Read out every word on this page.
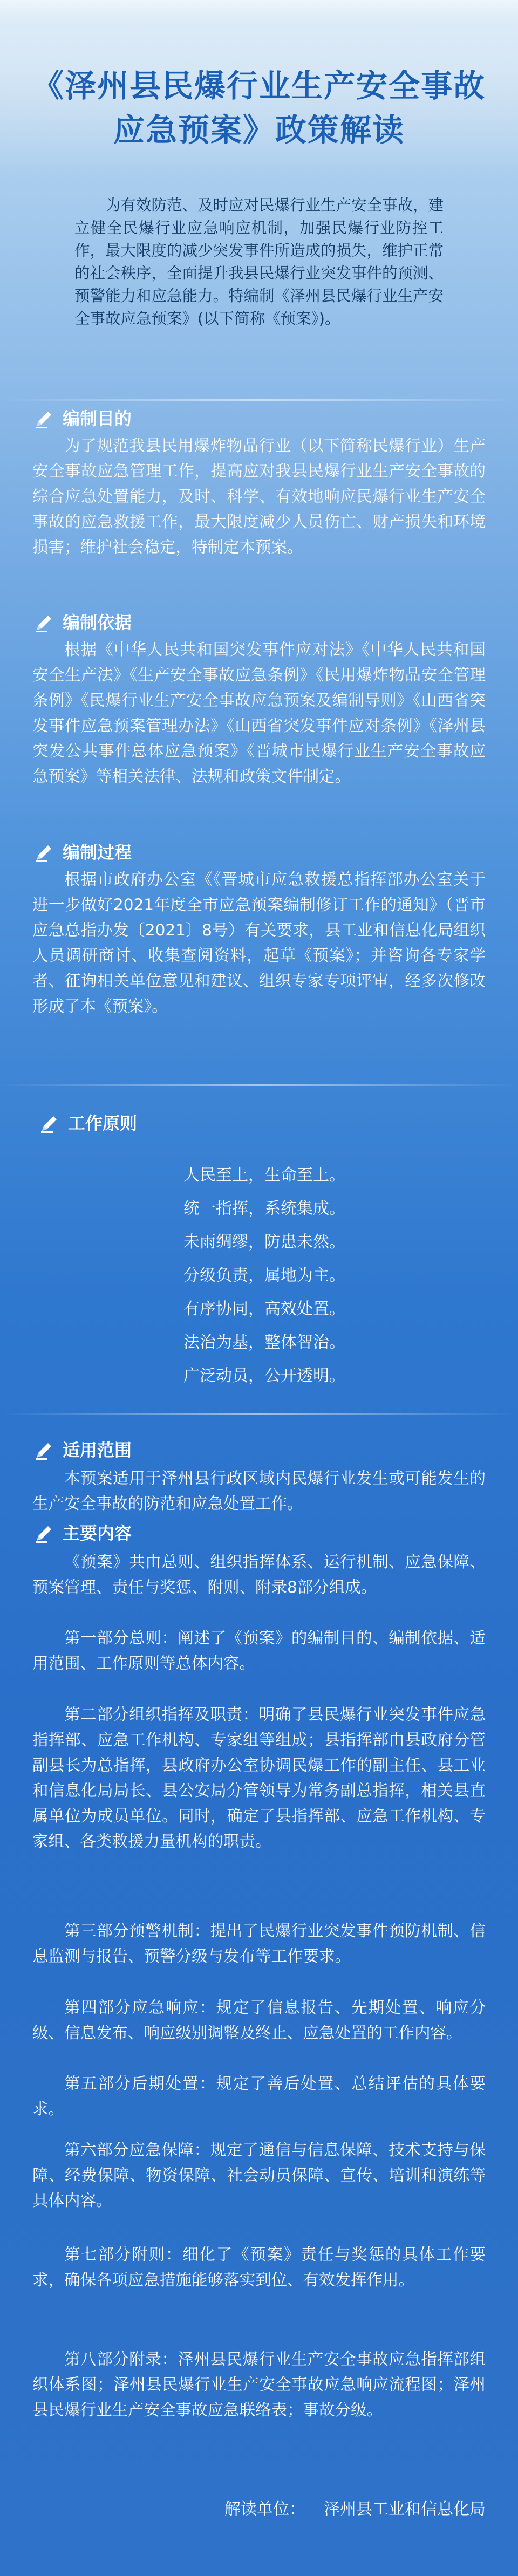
《泽州县民爆行业生产安全事故
应急预案》政策解读

为有效防范、及时应对民爆行业生产安全事故，建立健全民爆行业应急响应机制，加强民爆行业防控工作，最大限度的减少突发事件所造成的损失，维护正常的社会秩序，全面提升我县民爆行业突发事件的预测、预警能力和应急能力。特编制《泽州县民爆行业生产安全事故应急预案》(以下简称《预案》)。

编制目的

为了规范我县民用爆炸物品行业（以下简称民爆行业）生产安全事故应急管理工作，提高应对我县民爆行业生产安全事故的综合应急处置能力，及时、科学、有效地响应民爆行业生产安全事故的应急救援工作，最大限度减少人员伤亡、财产损失和环境损害；维护社会稳定，特制定本预案。

编制依据

根据《中华人民共和国突发事件应对法》《中华人民共和国安全生产法》《生产安全事故应急条例》《民用爆炸物品安全管理条例》《民爆行业生产安全事故应急预案及编制导则》《山西省突发事件应急预案管理办法》《山西省突发事件应对条例》《泽州县突发公共事件总体应急预案》《晋城市民爆行业生产安全事故应急预案》等相关法律、法规和政策文件制定。

编制过程

根据市政府办公室《《晋城市应急救援总指挥部办公室关于进一步做好2021年度全市应急预案编制修订工作的通知》（晋市应急总指办发〔2021〕8号）有关要求，县工业和信息化局组织人员调研商讨、收集查阅资料，起草《预案》；并咨询各专家学者、征询相关单位意见和建议、组织专家专项评审，经多次修改形成了本《预案》。

工作原则
人民至上，生命至上。
统一指挥，系统集成。
未雨绸缪，防患未然。
分级负责，属地为主。
有序协同，高效处置。
法治为基，整体智治。
广泛动员，公开透明。
适用范围

本预案适用于泽州县行政区域内民爆行业发生或可能发生的生产安全事故的防范和应急处置工作。

主要内容

《预案》共由总则、组织指挥体系、运行机制、应急保障、预案管理、责任与奖惩、附则、附录8部分组成。

第一部分总则：阐述了《预案》的编制目的、编制依据、适用范围、工作原则等总体内容。

第二部分组织指挥及职责：明确了县民爆行业突发事件应急指挥部、应急工作机构、专家组等组成；县指挥部由县政府分管副县长为总指挥，县政府办公室协调民爆工作的副主任、县工业和信息化局局长、县公安局分管领导为常务副总指挥，相关县直属单位为成员单位。同时，确定了县指挥部、应急工作机构、专家组、各类救援力量机构的职责。

第三部分预警机制：提出了民爆行业突发事件预防机制、信息监测与报告、预警分级与发布等工作要求。

第四部分应急响应：规定了信息报告、先期处置、响应分级、信息发布、响应级别调整及终止、应急处置的工作内容。

第五部分后期处置：规定了善后处置、总结评估的具体要求。

第六部分应急保障：规定了通信与信息保障、技术支持与保障、经费保障、物资保障、社会动员保障、宣传、培训和演练等具体内容。

第七部分附则：细化了《预案》责任与奖惩的具体工作要求，确保各项应急措施能够落实到位、有效发挥作用。

第八部分附录：泽州县民爆行业生产安全事故应急指挥部组织体系图；泽州县民爆行业生产安全事故应急响应流程图；泽州县民爆行业生产安全事故应急联络表；事故分级。

解读单位： 泽州县工业和信息化局
